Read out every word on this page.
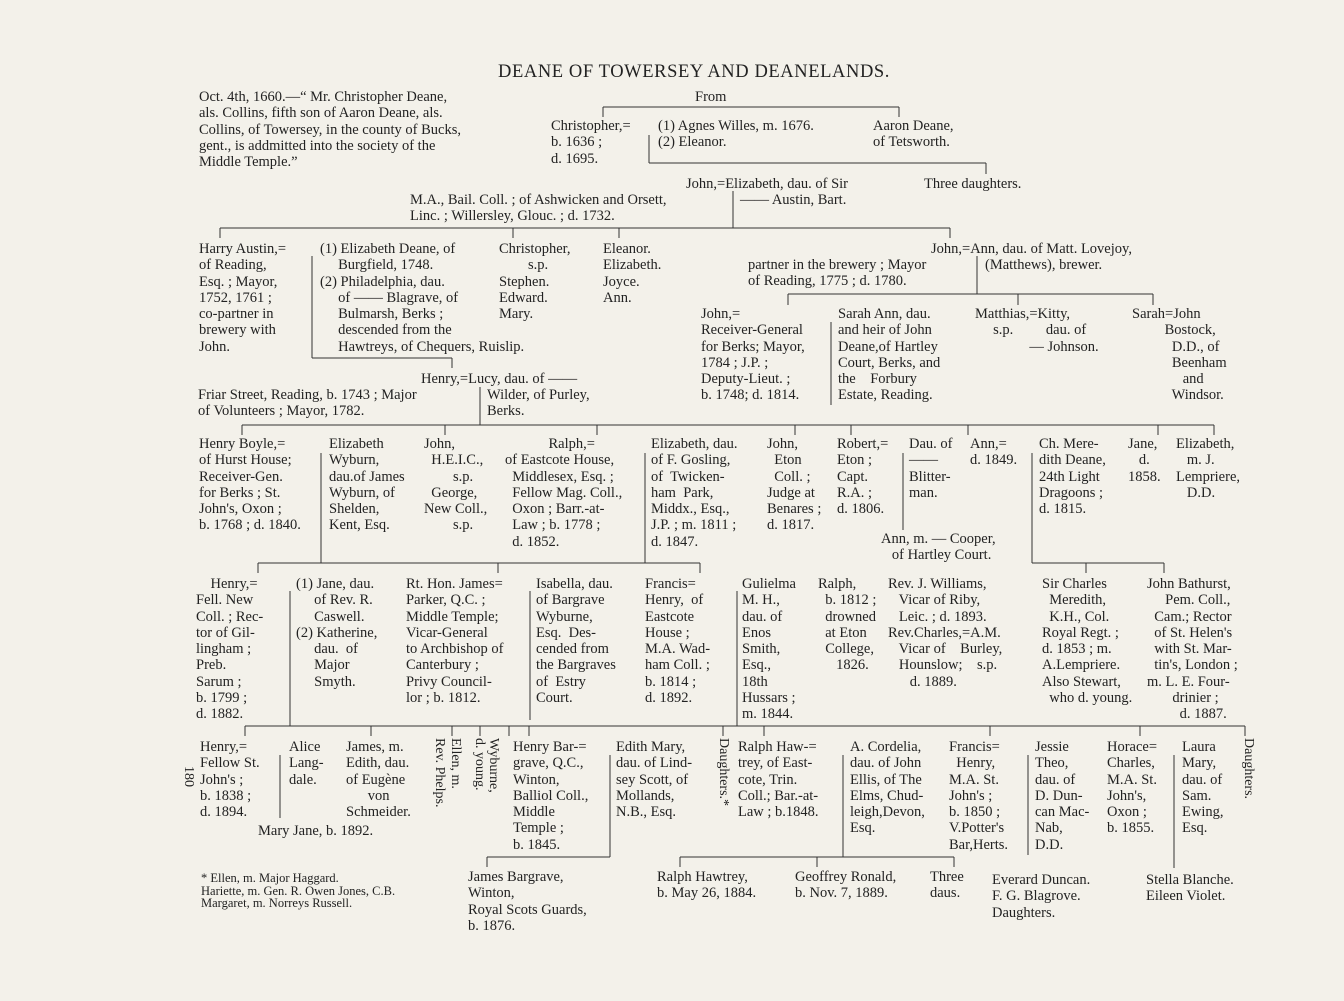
DEANE OF TOWERSEY AND DEANELANDS.
Oct. 4th, 1660.—“ Mr. Christopher Deane,
als. Collins, fifth son of Aaron Deane, als.
Collins, of Towersey, in the county of Bucks,
gent., is addmitted into the society of the
Middle Temple.”
From
Christopher,=
b. 1636 ;
d. 1695.
(1) Agnes Willes, m. 1676.
(2) Eleanor.
Aaron Deane,
of Tetsworth.
John,=Elizabeth, dau. of Sir
M.A., Bail. Coll. ; of Ashwicken and Orsett,
Linc. ; Willersley, Glouc. ; d. 1732.
—— Austin, Bart.
Three daughters.
Harry Austin,=
of Reading,
Esq. ; Mayor,
1752, 1761 ;
co-partner in
brewery with
John.
(1) Elizabeth Deane, of
Burgfield, 1748.
(2) Philadelphia, dau.
of —— Blagrave, of
Bulmarsh, Berks ;
descended from the
Hawtreys, of Chequers, Ruislip.
Christopher,
s.p.
Stephen.
Edward.
Mary.
Eleanor.
Elizabeth.
Joyce.
Ann.
John,=Ann, dau. of Matt. Lovejoy,
partner in the brewery ; Mayor
of Reading, 1775 ; d. 1780.
(Matthews), brewer.
Henry,=Lucy, dau. of ——
Friar Street, Reading, b. 1743 ; Major
of Volunteers ; Mayor, 1782.
Wilder, of Purley,
Berks.
John,=
Receiver-General
for Berks; Mayor,
1784 ; J.P. ;
Deputy-Lieut. ;
b. 1748; d. 1814.
Sarah Ann, dau.
and heir of John
Deane,of Hartley
Court, Berks, and
the    Forbury
Estate, Reading.
Matthias,=Kitty,
s.p.         dau. of
— Johnson.
Sarah=John
Bostock,
D.D., of
Beenham
and
Windsor.
Henry Boyle,=
of Hurst House;
Receiver-Gen.
for Berks ; St.
John's, Oxon ;
b. 1768 ; d. 1840.
Elizabeth
Wyburn,
dau.of James
Wyburn, of
Shelden,
Kent, Esq.
John,
H.E.I.C.,
s.p.
George,
New Coll.,
s.p.
Ralph,=
of Eastcote House,
Middlesex, Esq. ;
Fellow Mag. Coll.,
Oxon ; Barr.-at-
Law ; b. 1778 ;
d. 1852.
Elizabeth, dau.
of F. Gosling,
of  Twicken-
ham  Park,
Middx., Esq.,
J.P. ; m. 1811 ;
d. 1847.
John,
Eton
Coll. ;
Judge at
Benares ;
d. 1817.
Robert,=
Eton ;
Capt.
R.A. ;
d. 1806.
Dau. of
——
Blitter-
man.
Ann,=
d. 1849.
Ch. Mere-
dith Deane,
24th Light
Dragoons ;
d. 1815.
Jane,
d.
1858.
Elizabeth,
m. J.
Lempriere,
D.D.
Ann, m. — Cooper,
of Hartley Court.
Henry,=
Fell. New
Coll. ; Rec-
tor of Gil-
lingham ;
Preb.
Sarum ;
b. 1799 ;
d. 1882.
(1) Jane, dau.
of Rev. R.
Caswell.
(2) Katherine,
dau.  of
Major
Smyth.
Rt. Hon. James=
Parker, Q.C. ;
Middle Temple;
Vicar-General
to Archbishop of
Canterbury ;
Privy Council-
lor ; b. 1812.
Isabella, dau.
of Bargrave
Wyburne,
Esq.  Des-
cended from
the Bargraves
of  Estry
Court.
Francis=
Henry,  of
Eastcote
House ;
M.A. Wad-
ham Coll. ;
b. 1814 ;
d. 1892.
Gulielma
M. H.,
dau. of
Enos
Smith,
Esq.,
18th
Hussars ;
m. 1844.
Ralph,
b. 1812 ;
drowned
at Eton
College,
1826.
Rev. J. Williams,
Vicar of Riby,
Leic. ; d. 1893.
Rev.Charles,=A.M.
Vicar of    Burley,
Hounslow;    s.p.
d. 1889.
Sir Charles
Meredith,
K.H., Col.
Royal Regt. ;
d. 1853 ; m.
A.Lempriere.
Also Stewart,
who d. young.
John Bathurst,
Pem. Coll.,
Cam.; Rector
of St. Helen's
with St. Mar-
tin's, London ;
m. L. E. Four-
drinier ;
d. 1887.
Henry,=
Fellow St.
John's ;
b. 1838 ;
d. 1894.
Alice
Lang-
dale.
James, m.
Edith, dau.
of Eugène
von
Schmeider.
Mary Jane, b. 1892.
Henry Bar-=
grave, Q.C.,
Winton,
Balliol Coll.,
Middle
Temple ;
b. 1845.
Edith Mary,
dau. of Lind-
sey Scott, of
Mollands,
N.B., Esq.
Ralph Haw-=
trey, of East-
cote, Trin.
Coll.; Bar.-at-
Law ; b.1848.
A. Cordelia,
dau. of John
Ellis, of The
Elms, Chud-
leigh,Devon,
Esq.
Francis=
Henry,
M.A. St.
John's ;
b. 1850 ;
V.Potter's
Bar,Herts.
Jessie
Theo,
dau. of
D. Dun-
can Mac-
Nab,
D.D.
Horace=
Charles,
M.A. St.
John's,
Oxon ;
b. 1855.
Laura
Mary,
dau. of
Sam.
Ewing,
Esq.
James Bargrave,
Winton,
Royal Scots Guards,
b. 1876.
Ralph Hawtrey,
b. May 26, 1884.
Geoffrey Ronald,
b. Nov. 7, 1889.
Three
daus.
Everard Duncan.
F. G. Blagrove.
Daughters.
Stella Blanche.
Eileen Violet.
* Ellen, m. Major Haggard.
Hariette, m. Gen. R. Owen Jones, C.B.
Margaret, m. Norreys Russell.
180	Ellen, m.
Rev. Phelps.	Wyburne,
d. young.	Daughters.*	Daughters.
